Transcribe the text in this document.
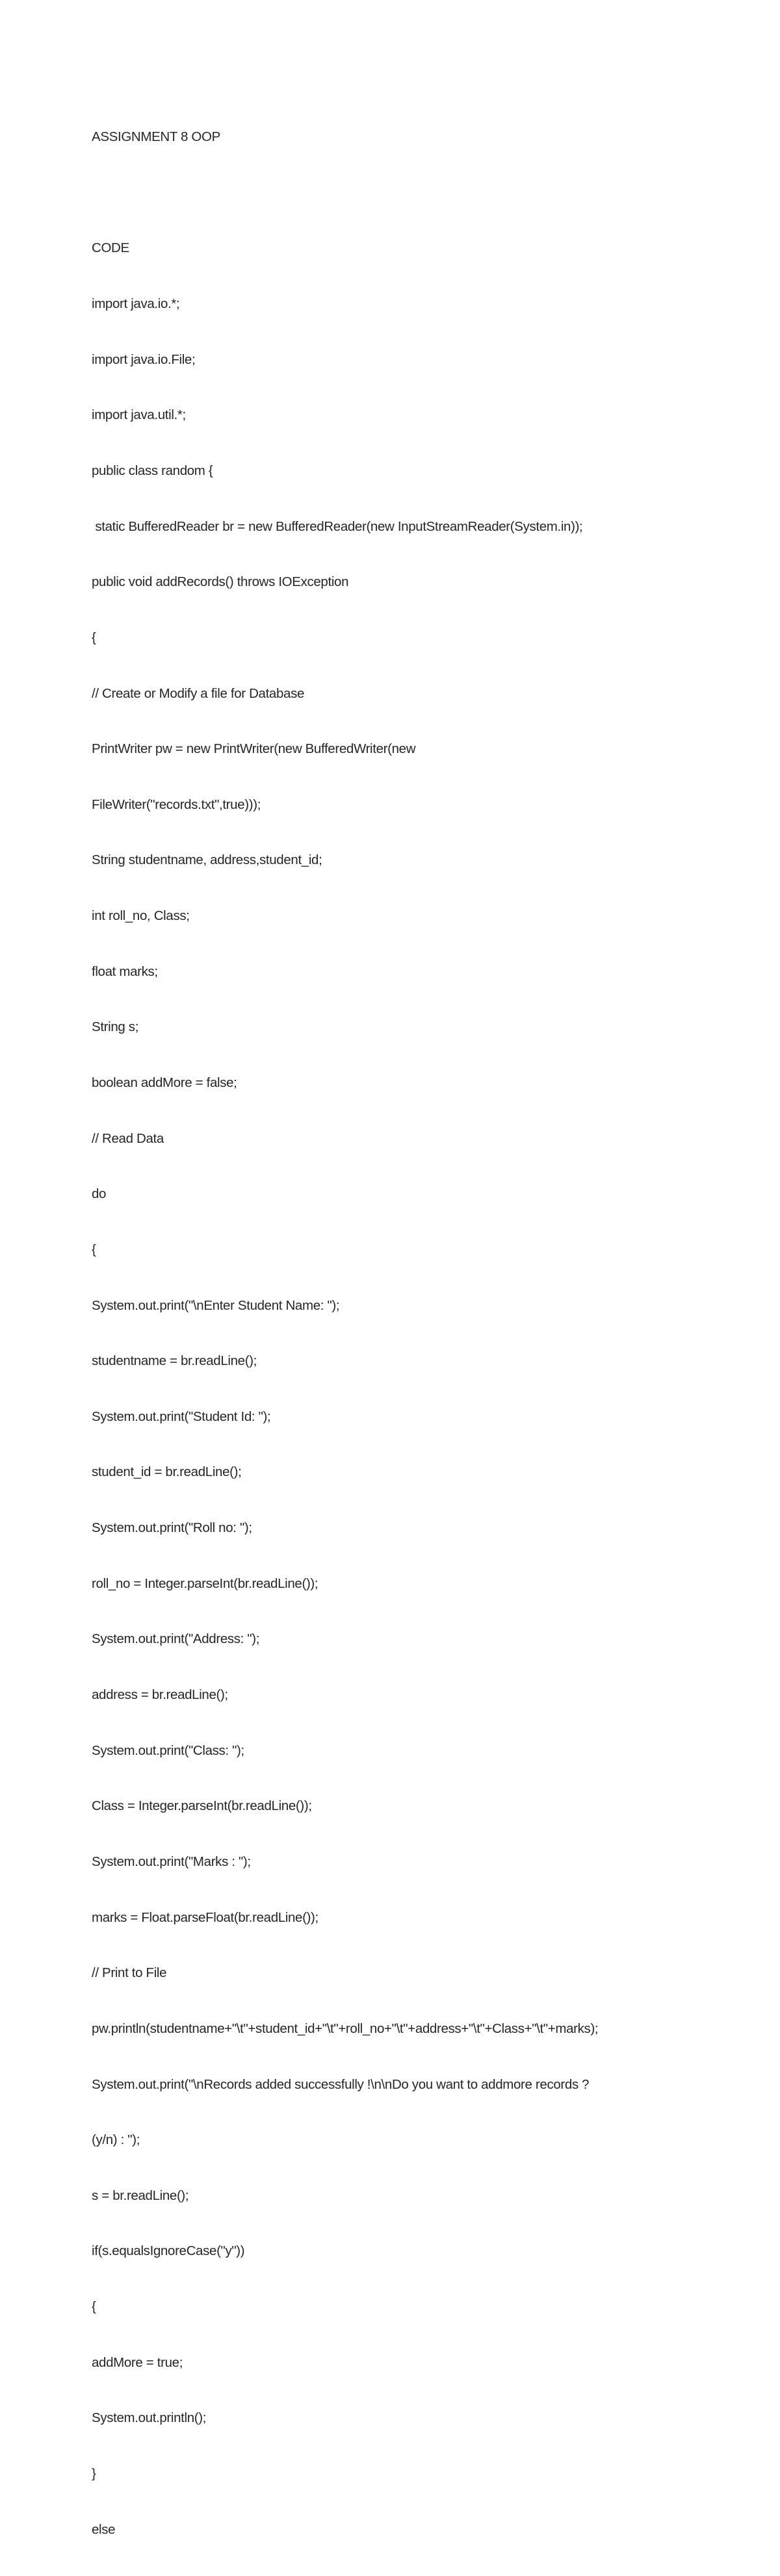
ASSIGNMENT 8 OOP

CODE

import java.io.*;

import java.io.File;

import java.util.*;

public class random {

static BufferedReader br = new BufferedReader(new InputStreamReader(System.in));

public void addRecords() throws IOException

{

// Create or Modify a file for Database

PrintWriter pw = new PrintWriter(new BufferedWriter(new

FileWriter("records.txt",true)));

String studentname, address,student_id;

int roll_no, Class;

float marks;

String s;

boolean addMore = false;

// Read Data

do

{

System.out.print("\nEnter Student Name: ");

studentname = br.readLine();

System.out.print("Student Id: ");

student_id = br.readLine();

System.out.print("Roll no: ");

roll_no = Integer.parseInt(br.readLine());

System.out.print("Address: ");

address = br.readLine();

System.out.print("Class: ");

Class = Integer.parseInt(br.readLine());

System.out.print("Marks : ");

marks = Float.parseFloat(br.readLine());

// Print to File

pw.println(studentname+"\t"+student_id+"\t"+roll_no+"\t"+address+"\t"+Class+"\t"+marks);

System.out.print("\nRecords added successfully !\n\nDo you want to addmore records ?

(y/n) : ");

s = br.readLine();

if(s.equalsIgnoreCase("y"))

{

addMore = true;

System.out.println();

}

else
